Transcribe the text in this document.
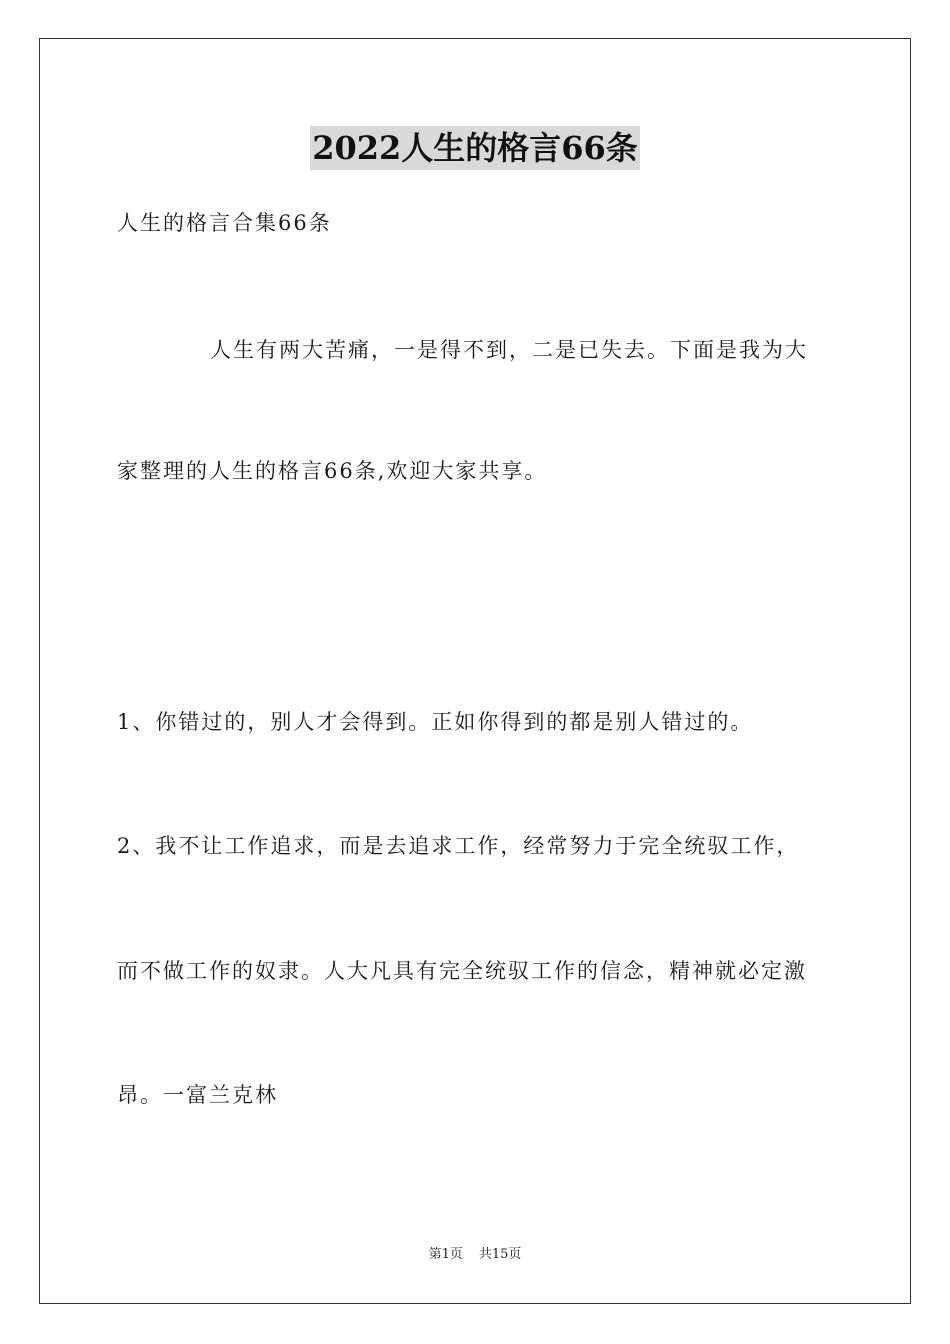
2022人生的格言66条

人生的格言合集66条

人生有两大苦痛，一是得不到，二是已失去。下面是我为大

家整理的人生的格言66条,欢迎大家共享。

1、你错过的，别人才会得到。正如你得到的都是别人错过的。

2、我不让工作追求，而是去追求工作，经常努力于完全统驭工作，

而不做工作的奴隶。人大凡具有完全统驭工作的信念，精神就必定激

昂。一富兰克林

第1页 共15页
